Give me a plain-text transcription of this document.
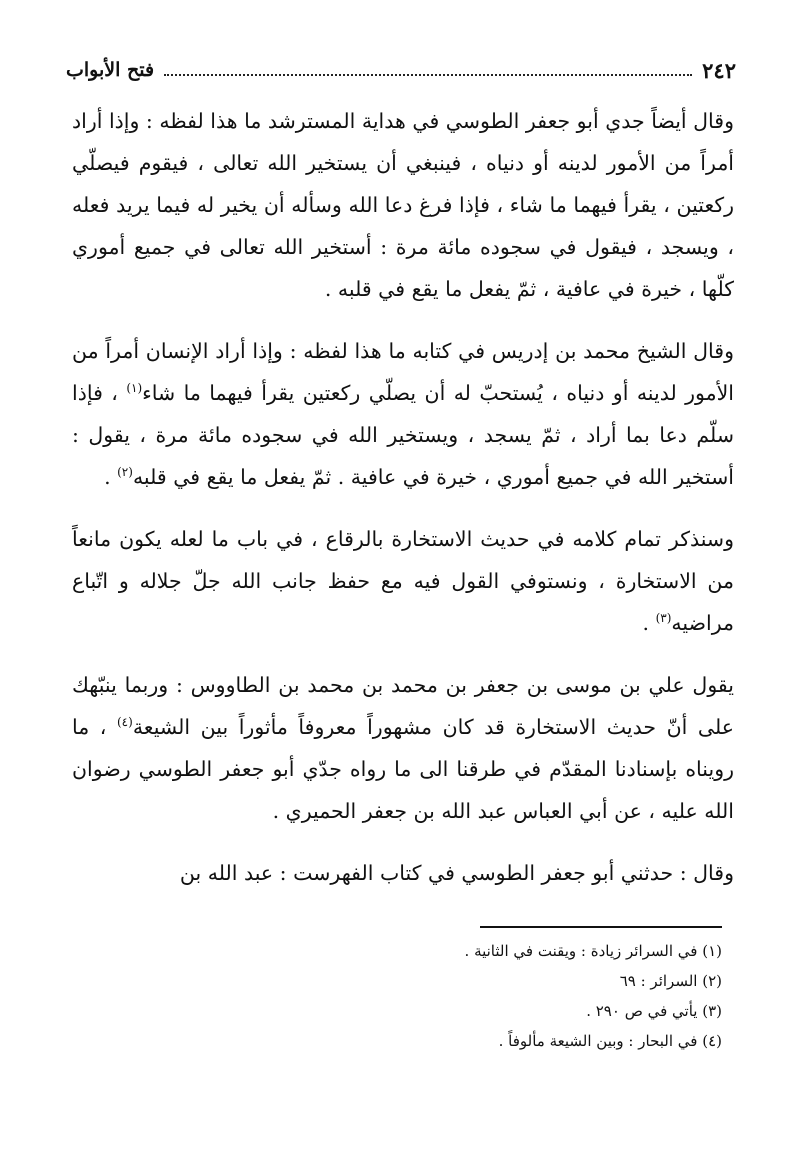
٢٤٢
فتح الأبواب

وقال أيضاً جدي أبو جعفر الطوسي في هداية المسترشد ما هذا لفظه : وإذا أراد أمراً من الأمور لدينه أو دنياه ، فينبغي أن يستخير الله تعالى ، فيقوم فيصلّي ركعتين ، يقرأ فيهما ما شاء ، فإذا فرغ دعا الله وسأله أن يخير له فيما يريد فعله ، ويسجد ، فيقول في سجوده مائة مرة : أستخير الله تعالى في جميع أموري كلّها ، خيرة في عافية ، ثمّ يفعل ما يقع في قلبه .

وقال الشيخ محمد بن إدريس في كتابه ما هذا لفظه : وإذا أراد الإنسان أمراً من الأمور لدينه أو دنياه ، يُستحبّ له أن يصلّي ركعتين يقرأ فيهما ما شاء$^{(١)}$ ، فإذا سلّم دعا بما أراد ، ثمّ يسجد ، ويستخير الله في سجوده مائة مرة ، يقول : أستخير الله في جميع أموري ، خيرة في عافية . ثمّ يفعل ما يقع في قلبه$^{(٢)}$ .

وسنذكر تمام كلامه في حديث الاستخارة بالرقاع ، في باب ما لعله يكون مانعاً من الاستخارة ، ونستوفي القول فيه مع حفظ جانب الله جلّ جلاله و اتّباع مراضيه$^{(٣)}$ .

يقول علي بن موسى بن جعفر بن محمد بن محمد بن الطاووس : وربما ينبّهك على أنّ حديث الاستخارة قد كان مشهوراً معروفاً مأثوراً بين الشيعة$^{(٤)}$ ، ما رويناه بإسنادنا المقدّم في طرقنا الى ما رواه جدّي أبو جعفر الطوسي رضوان الله عليه ، عن أبي العباس عبد الله بن جعفر الحميري .

وقال : حدثني أبو جعفر الطوسي في كتاب الفهرست : عبد الله بن

(١) في السرائر زيادة : ويقنت في الثانية .
(٢) السرائر : ٦٩
(٣) يأتي في ص ٢٩٠ .
(٤) في البحار : وبين الشيعة مألوفاً .
